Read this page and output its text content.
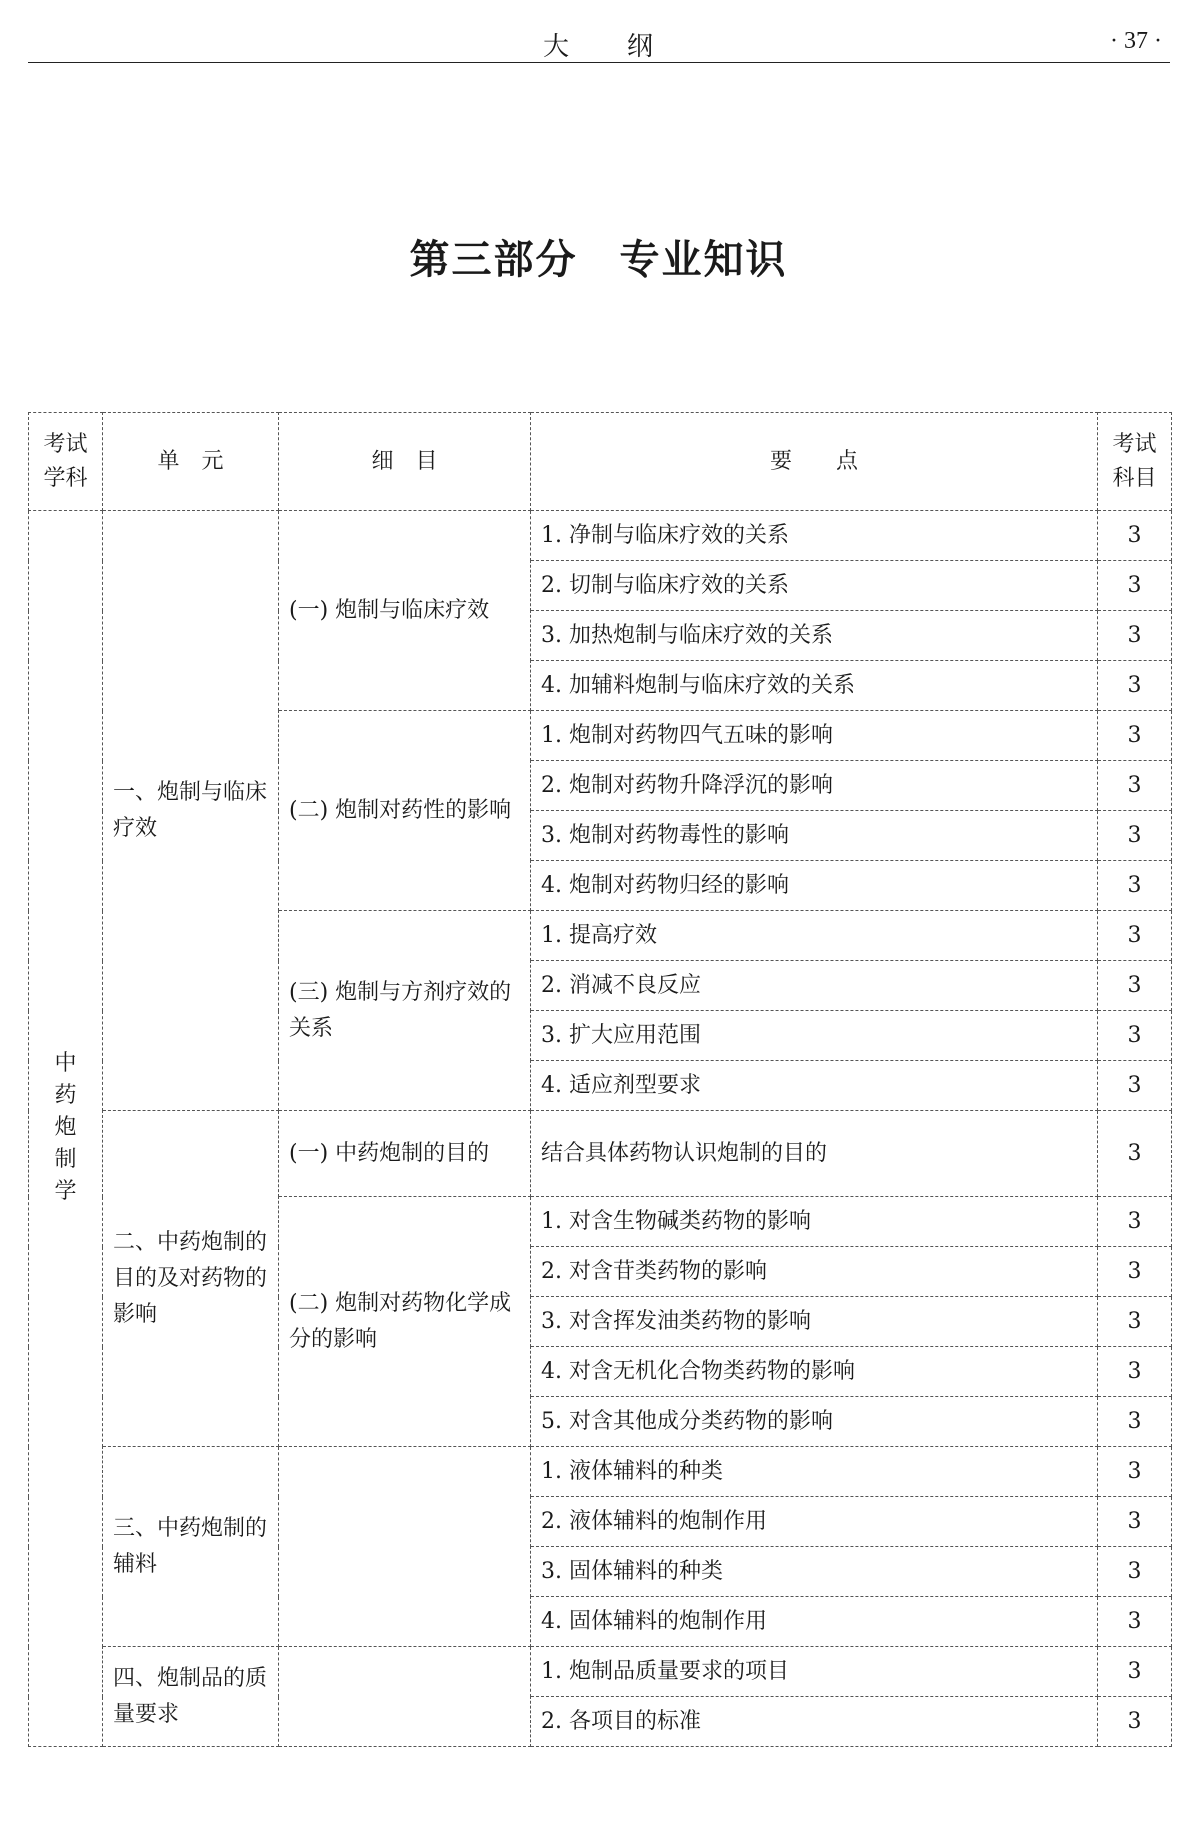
大　　纲	· 37 ·
第三部分　专业知识
考试学科	单　元	细　目	要　　点	考试科目
中药炮制学	一、炮制与临床疗效	(一) 炮制与临床疗效	1. 净制与临床疗效的关系	3
			2. 切制与临床疗效的关系	3
			3. 加热炮制与临床疗效的关系	3
			4. 加辅料炮制与临床疗效的关系	3
		(二) 炮制对药性的影响	1. 炮制对药物四气五味的影响	3
			2. 炮制对药物升降浮沉的影响	3
			3. 炮制对药物毒性的影响	3
			4. 炮制对药物归经的影响	3
		(三) 炮制与方剂疗效的关系	1. 提高疗效	3
			2. 消减不良反应	3
			3. 扩大应用范围	3
			4. 适应剂型要求	3
	二、中药炮制的目的及对药物的影响	(一) 中药炮制的目的	结合具体药物认识炮制的目的	3
		(二) 炮制对药物化学成分的影响	1. 对含生物碱类药物的影响	3
			2. 对含苷类药物的影响	3
			3. 对含挥发油类药物的影响	3
			4. 对含无机化合物类药物的影响	3
			5. 对含其他成分类药物的影响	3
	三、中药炮制的辅料		1. 液体辅料的种类	3
			2. 液体辅料的炮制作用	3
			3. 固体辅料的种类	3
			4. 固体辅料的炮制作用	3
	四、炮制品的质量要求		1. 炮制品质量要求的项目	3
			2. 各项目的标准	3
